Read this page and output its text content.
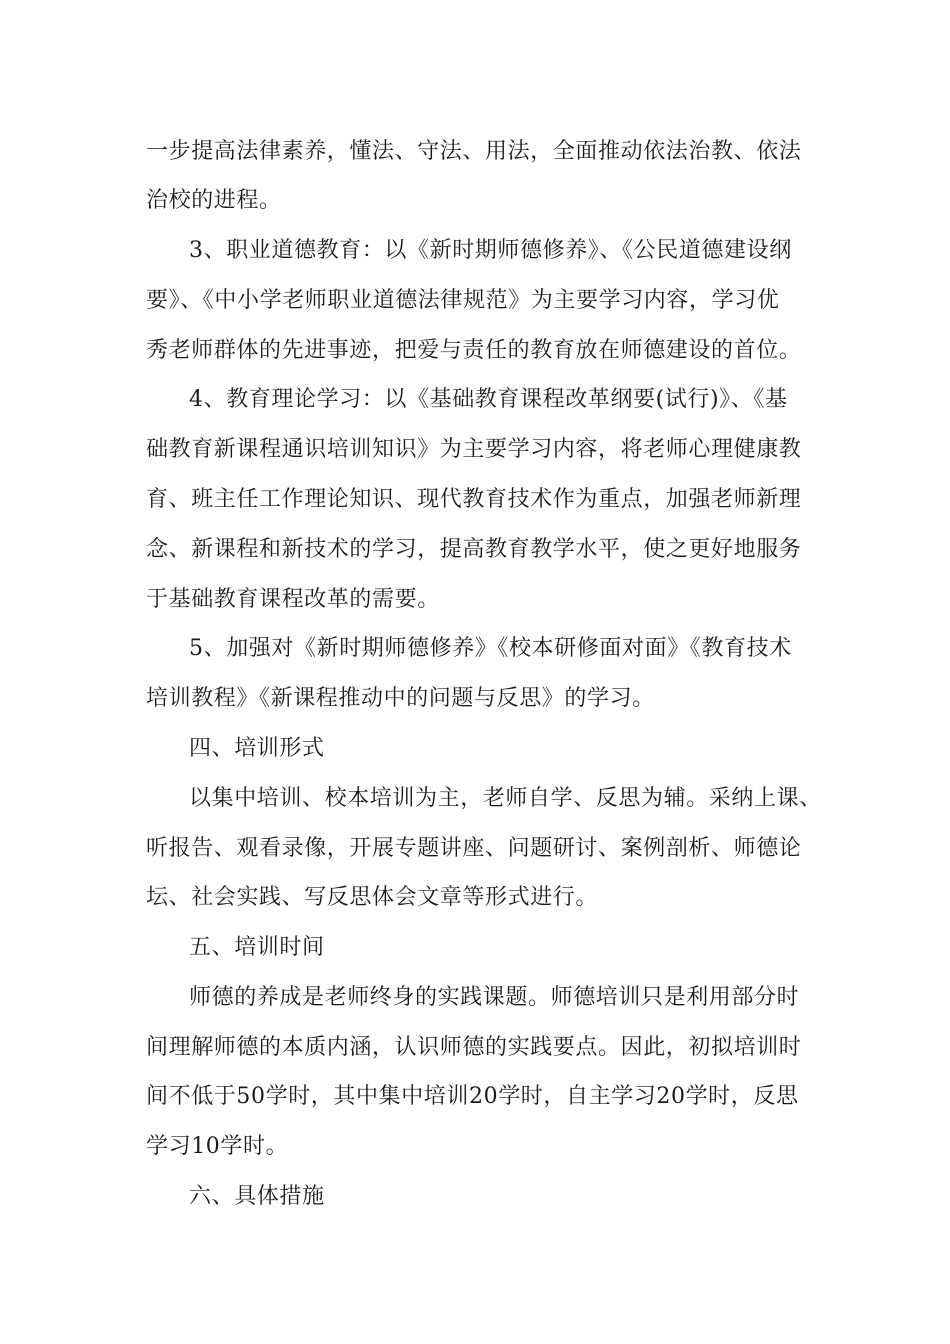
一步提高法律素养，懂法、守法、用法，全面推动依法治教、依法
治校的进程。
3、职业道德教育：以《新时期师德修养》、《公民道德建设纲
要》、《中小学老师职业道德法律规范》为主要学习内容，学习优
秀老师群体的先进事迹，把爱与责任的教育放在师德建设的首位。
4、教育理论学习：以《基础教育课程改革纲要(试行)》、《基
础教育新课程通识培训知识》为主要学习内容，将老师心理健康教
育、班主任工作理论知识、现代教育技术作为重点，加强老师新理
念、新课程和新技术的学习，提高教育教学水平，使之更好地服务
于基础教育课程改革的需要。
5、加强对《新时期师德修养》《校本研修面对面》《教育技术
培训教程》《新课程推动中的问题与反思》的学习。
四、培训形式
以集中培训、校本培训为主，老师自学、反思为辅。采纳上课、
听报告、观看录像，开展专题讲座、问题研讨、案例剖析、师德论
坛、社会实践、写反思体会文章等形式进行。
五、培训时间
师德的养成是老师终身的实践课题。师德培训只是利用部分时
间理解师德的本质内涵，认识师德的实践要点。因此，初拟培训时
间不低于50学时，其中集中培训20学时，自主学习20学时，反思
学习10学时。
六、具体措施
